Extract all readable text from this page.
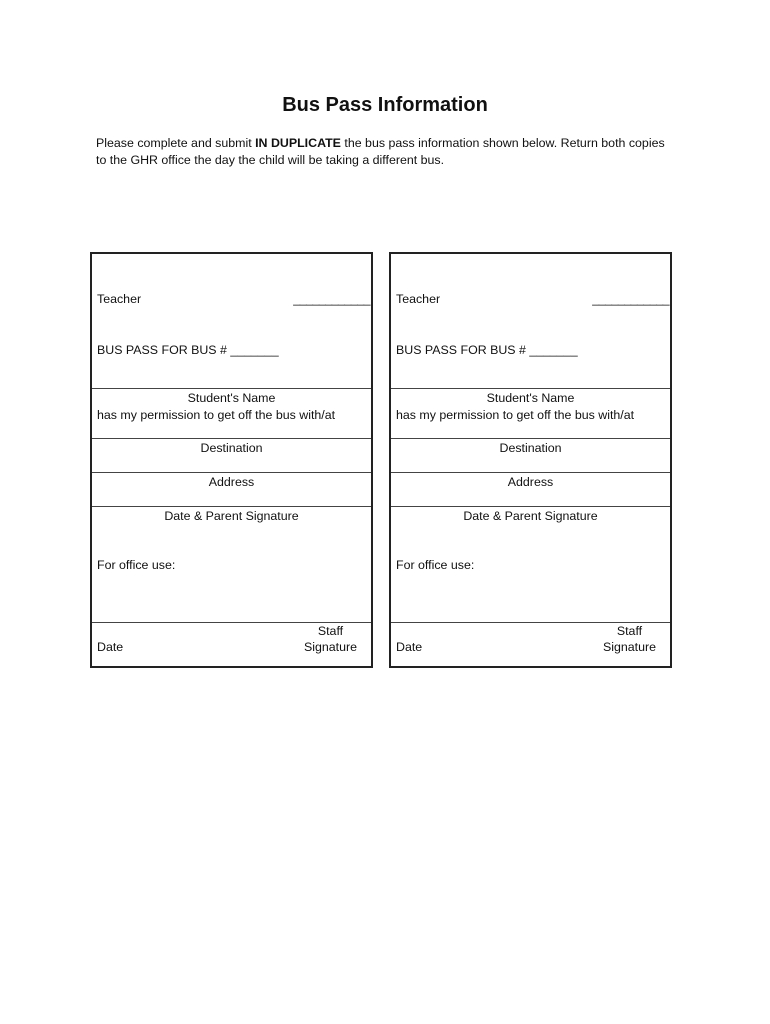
Bus Pass Information
Please complete and submit IN DUPLICATE the bus pass information shown below. Return both copies to the GHR office the day the child will be taking a different bus.
Teacher	____________
BUS PASS FOR BUS # _______
Student's Name
has my permission to get off the bus with/at
Destination
Address
Date & Parent Signature
For office use:
Date
Staff
Signature
Teacher	____________
BUS PASS FOR BUS # _______
Student's Name
has my permission to get off the bus with/at
Destination
Address
Date & Parent Signature
For office use:
Date
Staff
Signature
